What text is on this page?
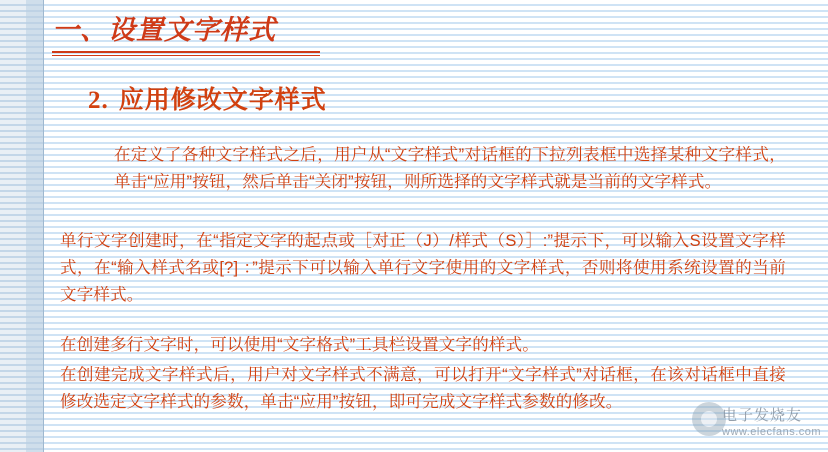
一、设置文字样式
2. 应用修改文字样式
在定义了各种文字样式之后，用户从“文字样式”对话框的下拉列表框中选择某种文字样式，单击“应用”按钮，然后单击“关闭”按钮，则所选择的文字样式就是当前的文字样式。
单行文字创建时，在“指定文字的起点或［对正（J）/样式（S）］:”提示下，可以输入S设置文字样式，在“输入样式名或[?] ：”提示下可以输入单行文字使用的文字样式，否则将使用系统设置的当前文字样式。
在创建多行文字时，可以使用“文字格式”工具栏设置文字的样式。
在创建完成文字样式后，用户对文字样式不满意，可以打开“文字样式”对话框，在该对话框中直接修改选定文字样式的参数，单击“应用”按钮，即可完成文字样式参数的修改。
电子发烧友
www.elecfans.com
